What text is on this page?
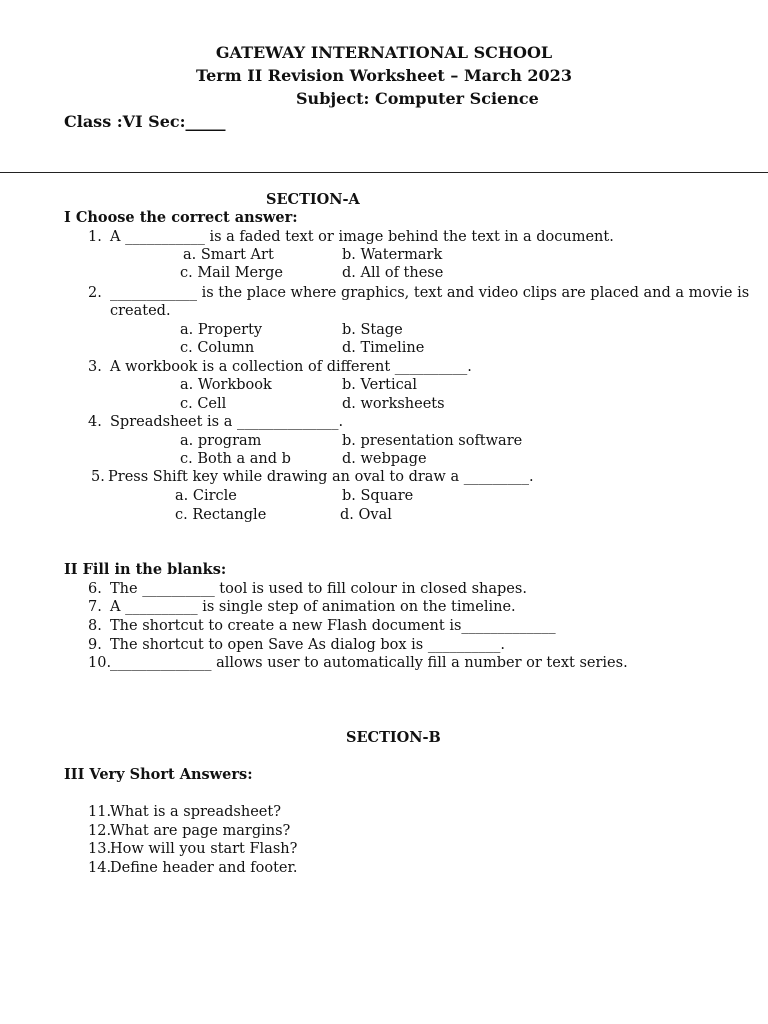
GATEWAY INTERNATIONAL SCHOOL
Term II Revision Worksheet – March 2023
Subject: Computer Science
Class :VI Sec:_____
SECTION-A
I Choose the correct answer:
1. A ___________ is a faded text or image behind the text in a document.
a. Smart Art	b. Watermark
c. Mail Merge	d. All of these
2. ____________ is the place where graphics, text and video clips are placed and a movie is
created.
a. Property	b. Stage
c. Column	d. Timeline
3. A workbook is a collection of different __________.
a. Workbook	b. Vertical
c. Cell	d. worksheets
4. Spreadsheet is a ______________.
a. program	b. presentation software
c. Both a and b	d. webpage
5. Press Shift key while drawing an oval to draw a _________.
a. Circle	b. Square
c. Rectangle	d. Oval
II Fill in the blanks:
6. The __________ tool is used to fill colour in closed shapes.
7. A __________ is single step of animation on the timeline.
8. The shortcut to create a new Flash document is_____________
9. The shortcut to open Save As dialog box is __________.
10.
______________ allows user to automatically fill a number or text series.
SECTION-B
III Very Short Answers:
11.
What is a spreadsheet?
12.
What are page margins?
13.
How will you start Flash?
14.
Define header and footer.
